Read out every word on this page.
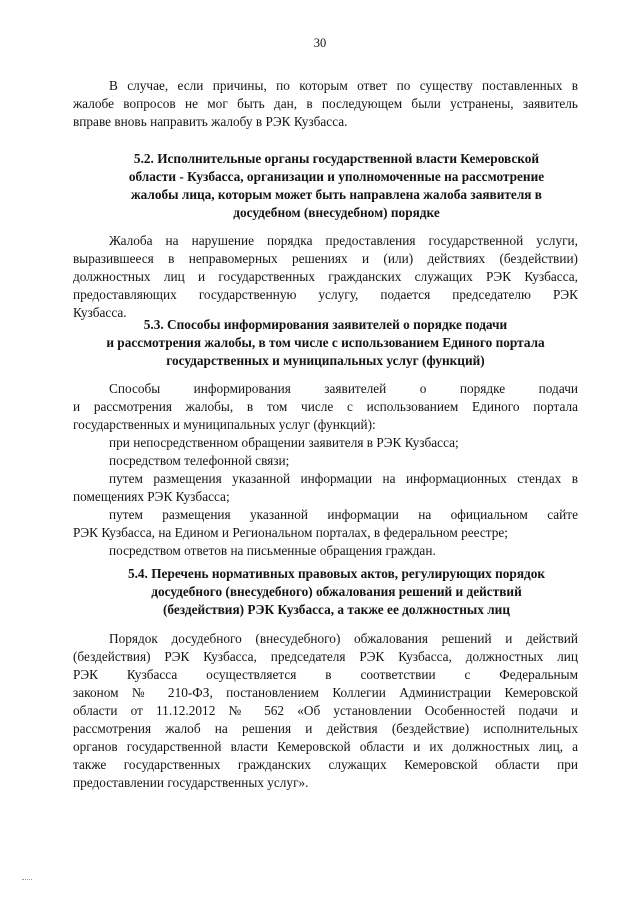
30
В случае, если причины, по которым ответ по существу поставленных в
жалобе вопросов не мог быть дан, в последующем были устранены, заявитель
вправе вновь направить жалобу в РЭК Кузбасса.
5.2. Исполнительные органы государственной власти Кемеровской
области - Кузбасса, организации и уполномоченные на рассмотрение
жалобы лица, которым может быть направлена жалоба заявителя в
досудебном (внесудебном) порядке
Жалоба на нарушение порядка предоставления государственной услуги,
выразившееся в неправомерных решениях и (или) действиях (бездействии)
должностных лиц и государственных гражданских служащих РЭК Кузбасса,
предоставляющих государственную услугу, подается председателю РЭК
Кузбасса.
5.3. Способы информирования заявителей о порядке подачи
и рассмотрения жалобы, в том числе с использованием Единого портала
государственных и муниципальных услуг (функций)
Способы информирования заявителей о порядке подачи
и рассмотрения жалобы, в том числе с использованием Единого портала
государственных и муниципальных услуг (функций):
при непосредственном обращении заявителя в РЭК Кузбасса;
посредством телефонной связи;
путем размещения указанной информации на информационных стендах в
помещениях РЭК Кузбасса;
путем размещения указанной информации на официальном сайте
РЭК Кузбасса, на Едином и Региональном порталах, в федеральном реестре;
посредством ответов на письменные обращения граждан.
5.4. Перечень нормативных правовых актов, регулирующих порядок
досудебного (внесудебного) обжалования решений и действий
(бездействия) РЭК Кузбасса, а также ее должностных лиц
Порядок досудебного (внесудебного) обжалования решений и действий
(бездействия) РЭК Кузбасса, председателя РЭК Кузбасса, должностных лиц
РЭК Кузбасса осуществляется в соответствии с Федеральным
законом № 210-ФЗ, постановлением Коллегии Администрации Кемеровской
области от 11.12.2012 № 562 «Об установлении Особенностей подачи и
рассмотрения жалоб на решения и действия (бездействие) исполнительных
органов государственной власти Кемеровской области и их должностных лиц, а
также государственных гражданских служащих Кемеровской области при
предоставлении государственных услуг».
